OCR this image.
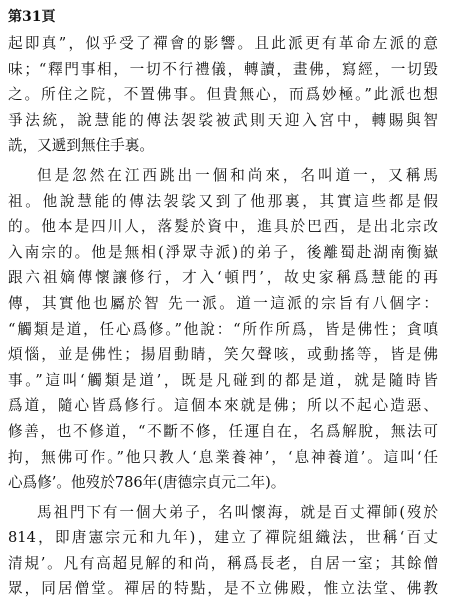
第31頁
起即真”，似乎受了禪會的影響。且此派更有革命左派的意
味；“釋門事相，一切不行禮儀，轉讀，畫佛，寫經，一切毀
之。所住之院，不置佛事。但貴無心，而爲妙極。”此派也想
爭法統，說慧能的傳法袈裟被武則天迎入宮中，轉賜與智
詵，又遞到無住手裏。
但是忽然在江西跳出一個和尚來，名叫道一，又稱馬
祖。他說慧能的傳法袈裟又到了他那裏，其實這些都是假
的。他本是四川人，落髮於資中，進具於巴西，是出北宗改
入南宗的。他是無相(淨眾寺派)的弟子，後離蜀赴湖南衡嶽
跟六祖嫡傳懷讓修行，才入‘頓門’，故史家稱爲慧能的再
傳，其實他也屬於智 先一派。道一這派的宗旨有八個字：
“觸類是道，任心爲修。”他說：“所作所爲，皆是佛性；貪嗔
煩惱，並是佛性；揚眉動睛，笑欠聲咳，或動搖等，皆是佛
事。”這叫‘觸類是道’，既是凡碰到的都是道，就是隨時皆
爲道，隨心皆爲修行。這個本來就是佛；所以不起心造惡、
修善，也不修道，“不斷不修，任運自在，名爲解脫，無法可
拘，無佛可作。”他只教人‘息業養神’，‘息神養道’。這叫‘任
心爲修’。他歿於786年(唐德宗貞元二年)。
馬祖門下有一個大弟子，名叫懷海，就是百丈禪師(歿於
814，即唐憲宗元和九年)，建立了禪院組織法，世稱‘百丈
清規’。凡有高超見解的和尚，稱爲長老，自居一室；其餘僧
眾，同居僧堂。禪居的特點，是不立佛殿，惟立法堂、佛教
